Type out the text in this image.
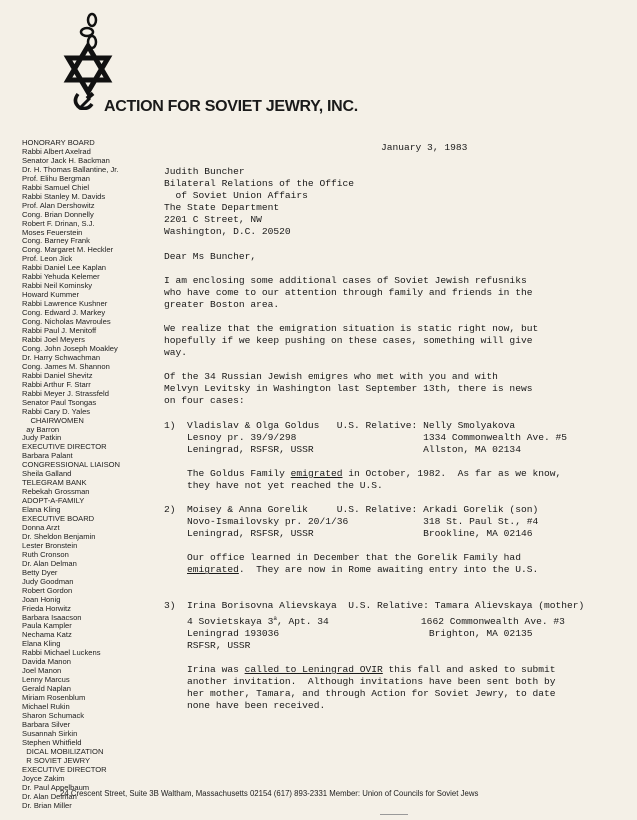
ACTION FOR SOVIET JEWRY, INC.
HONORARY BOARD
Rabbi Albert Axelrad
Senator Jack H. Backman
Dr. H. Thomas Ballantine, Jr.
Prof. Elihu Bergman
Rabbi Samuel Chiel
Rabbi Stanley M. Davids
Prof. Alan Dershowitz
Cong. Brian Donnelly
Robert F. Drinan, S.J.
Moses Feuerstein
Cong. Barney Frank
Cong. Margaret M. Heckler
Prof. Leon Jick
Rabbi Daniel Lee Kaplan
Rabbi Yehuda Kelemer
Rabbi Neil Kominsky
Howard Kummer
Rabbi Lawrence Kushner
Cong. Edward J. Markey
Cong. Nicholas Mavroules
Rabbi Paul J. Menitoff
Rabbi Joel Meyers
Cong. John Joseph Moakley
Dr. Harry Schwachman
Cong. James M. Shannon
Rabbi Daniel Shevitz
Rabbi Arthur F. Starr
Rabbi Meyer J. Strassfeld
Senator Paul Tsongas
Rabbi Cary D. Yales
CHAIRWOMEN
ay Barron
Judy Patkin
EXECUTIVE DIRECTOR
Barbara Palant
CONGRESSIONAL LIAISON
Sheila Galland
TELEGRAM BANK
Rebekah Grossman
ADOPT-A-FAMILY
Elana Kling
EXECUTIVE BOARD
Donna Arzt
Dr. Sheldon Benjamin
Lester Bronstein
Ruth Cronson
Dr. Alan Delman
Betty Dyer
Judy Goodman
Robert Gordon
Joan Honig
Frieda Horwitz
Barbara Isaacson
Paula Kampler
Nechama Katz
Elana Kling
Rabbi Michael Luckens
Davida Manon
Joel Manon
Lenny Marcus
Gerald Naplan
Miriam Rosenblum
Michael Rukin
Sharon Schumack
Barbara Silver
Susannah Sirkin
Stephen Whitfield
DICAL MOBILIZATION
R SOVIET JEWRY
EXECUTIVE DIRECTOR
Joyce Zakim
Dr. Paul Appelbaum
Dr. Alan Delman
Dr. Brian Miller
January 3, 1983
Judith Buncher
Bilateral Relations of the Office
of Soviet Union Affairs
The State Department
2201 C Street, NW
Washington, D.C. 20520
Dear Ms Buncher,
I am enclosing some additional cases of Soviet Jewish refusniks
who have come to our attention through family and friends in the
greater Boston area.
We realize that the emigration situation is static right now, but
hopefully if we keep pushing on these cases, something will give
way.
Of the 34 Russian Jewish emigres who met with you and with
Melvyn Levitsky in Washington last September 13th, there is news
on four cases:
1)  Vladislav & Olga Goldus   U.S. Relative: Nelly Smolyakova
Lesnoy pr. 39/9/298                      1334 Commonwealth Ave. #5
Leningrad, RSFSR, USSR                   Allston, MA 02134
The Goldus Family emigrated in October, 1982.  As far as we know,
they have not yet reached the U.S.
2)  Moisey & Anna Gorelik     U.S. Relative: Arkadi Gorelik (son)
Novo-Ismailovsky pr. 20/1/36             318 St. Paul St., #4
Leningrad, RSFSR, USSR                   Brookline, MA 02146
Our office learned in December that the Gorelik Family had
emigrated.  They are now in Rome awaiting entry into the U.S.
3)  Irina Borisovna Alievskaya  U.S. Relative: Tamara Alievskaya (mother)
4 Sovietskaya 3$^a$, Apt. 34                1662 Commonwealth Ave. #3
Leningrad 193036                          Brighton, MA 02135
RSFSR, USSR
Irina was called to Leningrad OVIR this fall and asked to submit
another invitation.  Although invitations have been sent both by
her mother, Tamara, and through Action for Soviet Jewry, to date
none have been received.
24 Crescent Street, Suite 3B Waltham, Massachusetts 02154 (617) 893-2331 Member: Union of Councils for Soviet Jews
